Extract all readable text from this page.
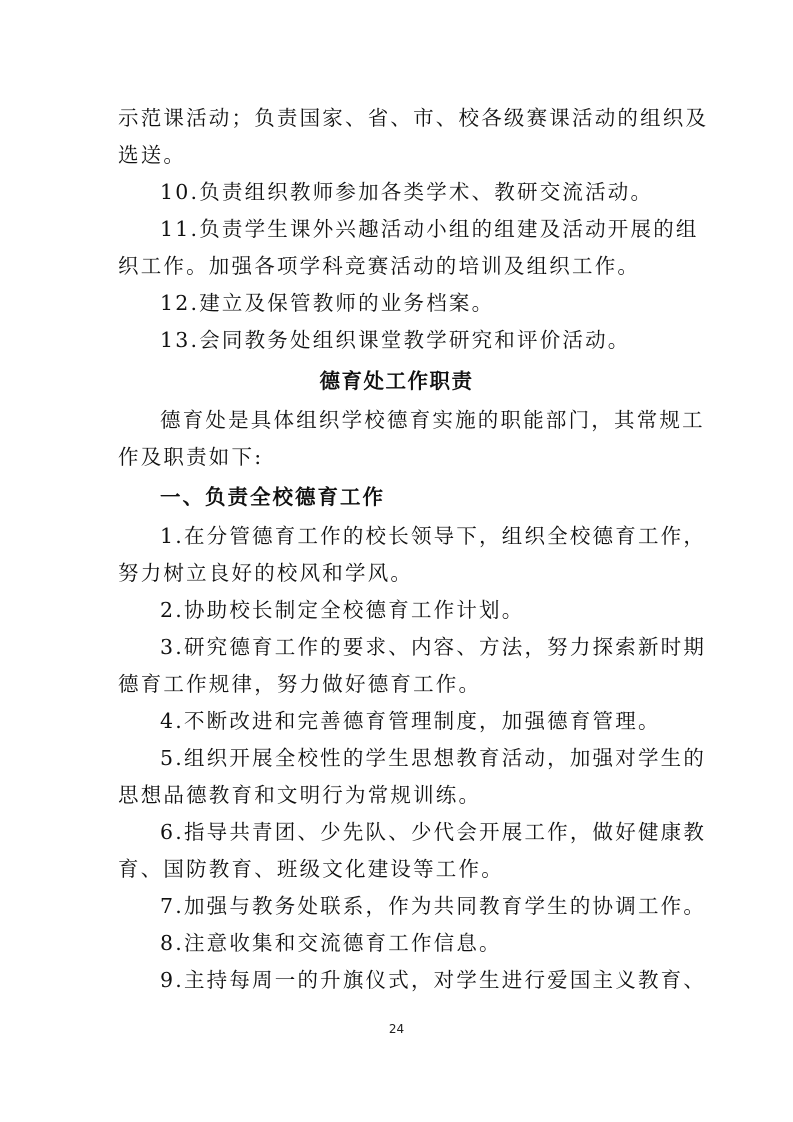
示范课活动；负责国家、省、市、校各级赛课活动的组织及
选送。
10.负责组织教师参加各类学术、教研交流活动。
11.负责学生课外兴趣活动小组的组建及活动开展的组
织工作。加强各项学科竞赛活动的培训及组织工作。
12.建立及保管教师的业务档案。
13.会同教务处组织课堂教学研究和评价活动。
德育处工作职责
德育处是具体组织学校德育实施的职能部门，其常规工
作及职责如下:
一、负责全校德育工作
1.在分管德育工作的校长领导下，组织全校德育工作，
努力树立良好的校风和学风。
2.协助校长制定全校德育工作计划。
3.研究德育工作的要求、内容、方法，努力探索新时期
德育工作规律，努力做好德育工作。
4.不断改进和完善德育管理制度，加强德育管理。
5.组织开展全校性的学生思想教育活动，加强对学生的
思想品德教育和文明行为常规训练。
6.指导共青团、少先队、少代会开展工作，做好健康教
育、国防教育、班级文化建设等工作。
7.加强与教务处联系，作为共同教育学生的协调工作。
8.注意收集和交流德育工作信息。
9.主持每周一的升旗仪式，对学生进行爱国主义教育、
24
